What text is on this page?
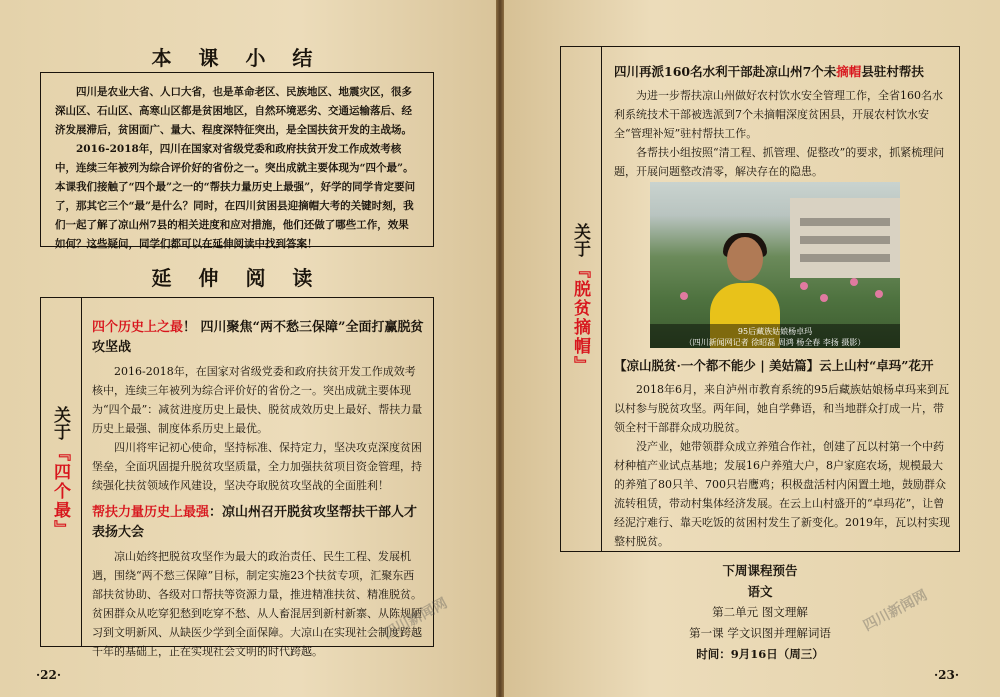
本 课 小 结

四川是农业大省、人口大省，也是革命老区、民族地区、地震灾区，很多深山区、石山区、高寒山区都是贫困地区，自然环境恶劣、交通运输落后、经济发展滞后，贫困面广、量大、程度深特征突出，是全国扶贫开发的主战场。

2016-2018年，四川在国家对省级党委和政府扶贫开发工作成效考核中，连续三年被列为综合评价好的省份之一。突出成就主要体现为“四个最”。本课我们接触了“四个最”之一的“帮扶力量历史上最强”，好学的同学肯定要问了，那其它三个“最”是什么？同时，在四川贫困县迎摘帽大考的关键时刻，我们一起了解了凉山州7县的相关进度和应对措施，他们还做了哪些工作，效果如何？这些疑问，同学们都可以在延伸阅读中找到答案！

延 伸 阅 读
关于
『四个最』

四个历史上之最！ 四川聚焦“两不愁三保障”全面打赢脱贫攻坚战

2016-2018年，在国家对省级党委和政府扶贫开发工作成效考核中，连续三年被列为综合评价好的省份之一。突出成就主要体现为“四个最”：减贫进度历史上最快、脱贫成效历史上最好、帮扶力量历史上最强、制度体系历史上最优。

四川将牢记初心使命，坚持标准、保持定力，坚决攻克深度贫困堡垒，全面巩固提升脱贫攻坚质量，全力加强扶贫项目资金管理，持续强化扶贫领域作风建设，坚决夺取脱贫攻坚战的全面胜利！

帮扶力量历史上最强：凉山州召开脱贫攻坚帮扶干部人才表扬大会

凉山始终把脱贫攻坚作为最大的政治责任、民生工程、发展机遇，围绕“两不愁三保障”目标，制定实施23个扶贫专项，汇聚东西部扶贫协助、各级对口帮扶等资源力量，推进精准扶贫、精准脱贫。贫困群众从吃穿犯愁到吃穿不愁、从人畜混居到新村新寨、从陈规陋习到文明新风、从缺医少学到全面保障。大凉山在实现社会制度跨越千年的基础上，正在实现社会文明的时代跨越。

·22·
四川新闻网
关于
『脱贫摘帽』

四川再派160名水利干部赴凉山州7个未摘帽县驻村帮扶

为进一步帮扶凉山州做好农村饮水安全管理工作，全省160名水利系统技术干部被选派到7个未摘帽深度贫困县，开展农村饮水安全“管理补短”驻村帮扶工作。

各帮扶小组按照“清工程、抓管理、促整改”的要求，抓紧梳理问题，开展问题整改清零，解决存在的隐患。

95后藏族姑娘杨卓玛
（四川新闻网记者 徐昭磊 周鸿 杨全春 李扬 摄影）

【凉山脱贫·一个都不能少 | 美姑篇】云上山村“卓玛”花开

2018年6月，来自泸州市教育系统的95后藏族姑娘杨卓玛来到瓦以村参与脱贫攻坚。两年间，她自学彝语，和当地群众打成一片，带领全村干部群众成功脱贫。

没产业，她带领群众成立养殖合作社，创建了瓦以村第一个中药材种植产业试点基地；发展16户养殖大户，8户家庭农场，规模最大的养殖了80只羊、700只岩鹰鸡；积极盘活村内闲置土地，鼓励群众流转租赁，带动村集体经济发展。在云上山村盛开的“卓玛花”，让曾经泥泞难行、靠天吃饭的贫困村发生了新变化。2019年，瓦以村实现整村脱贫。

下周课程预告
语文
第二单元 图文理解
第一课 学文识图并理解词语
时间：9月16日（周三）
·23·
四川新闻网
